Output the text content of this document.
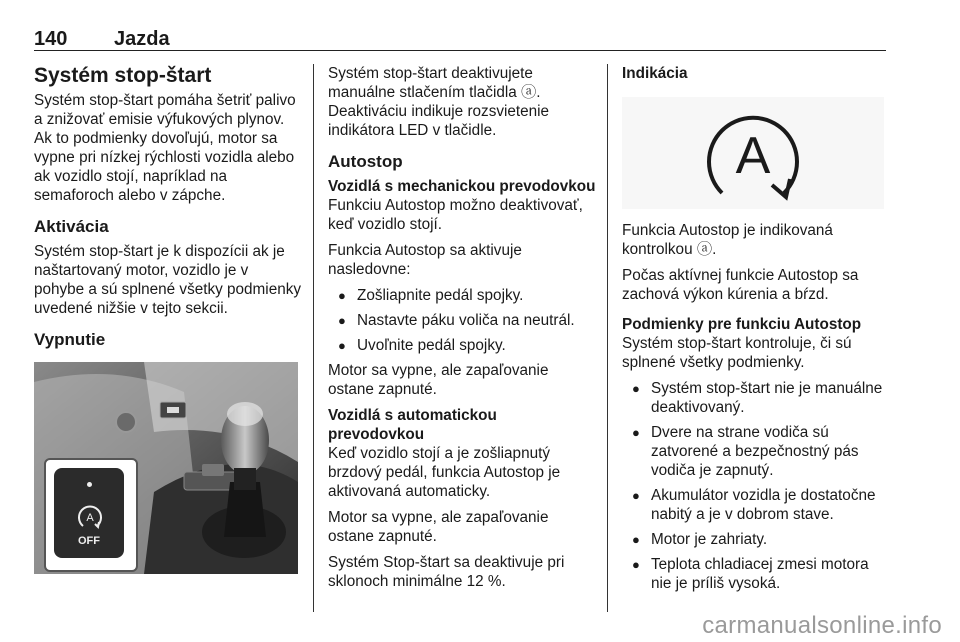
140 Jazda
Systém stop-štart

Systém stop-štart pomáha šetriť palivo a znižovať emisie výfukových plynov. Ak to podmienky dovoľujú, motor sa vypne pri nízkej rýchlosti vozidla alebo ak vozidlo stojí, napríklad na semaforoch alebo v zápche.

Aktivácia

Systém stop-štart je k dispozícii ak je naštartovaný motor, vozidlo je v pohybe a sú splnené všetky podmienky uvedené nižšie v tejto sekcii.

Vypnutie
A
OFF

Systém stop-štart deaktivujete manuálne stlačením tlačidla ⓐ. Deaktiváciu indikuje rozsvietenie indikátora LED v tlačidle.

Autostop
Vozidlá s mechanickou prevodovkou

Funkciu Autostop možno deaktivovať, keď vozidlo stojí.

Funkcia Autostop sa aktivuje nasledovne:

● Zošliapnite pedál spojky.
● Nastavte páku voliča na neutrál.
● Uvoľnite pedál spojky.

Motor sa vypne, ale zapaľovanie ostane zapnuté.

Vozidlá s automatickou prevodovkou

Keď vozidlo stojí a je zošliapnutý brzdový pedál, funkcia Autostop je aktivovaná automaticky.

Motor sa vypne, ale zapaľovanie ostane zapnuté.

Systém Stop-štart sa deaktivuje pri sklonoch minimálne 12 %.

Indikácia
A

Funkcia Autostop je indikovaná kontrolkou ⓐ.

Počas aktívnej funkcie Autostop sa zachová výkon kúrenia a bŕzd.

Podmienky pre funkciu Autostop

Systém stop-štart kontroluje, či sú splnené všetky podmienky.

● Systém stop-štart nie je manuálne deaktivovaný.
● Dvere na strane vodiča sú zatvorené a bezpečnostný pás vodiča je zapnutý.
● Akumulátor vozidla je dostatočne nabitý a je v dobrom stave.
● Motor je zahriaty.
● Teplota chladiacej zmesi motora nie je príliš vysoká.
carmanualsonline.info
